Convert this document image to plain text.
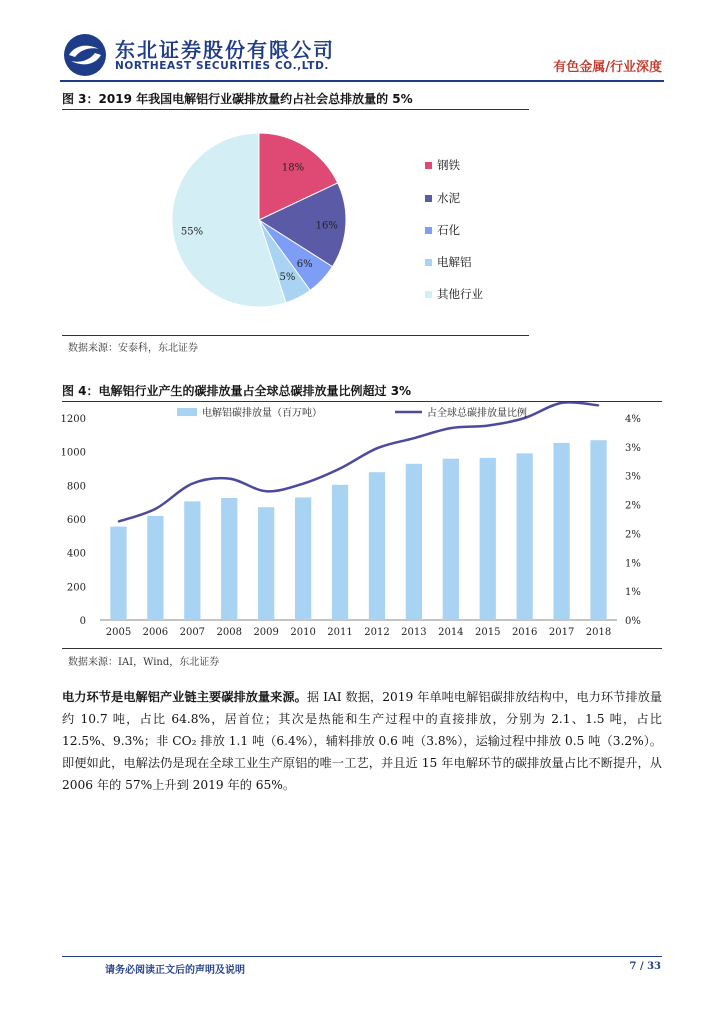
东北证券股份有限公司
NORTHEAST SECURITIES CO.,LTD.	有色金属/行业深度
图 3：2019 年我国电解铝行业碳排放量约占社会总排放量的 5%
18%
16%
6%
5%
55%
钢铁
水泥
石化
电解铝
其他行业
数据来源：安泰科，东北证券
图 4：电解铝行业产生的碳排放量占全球总碳排放量比例超过 3%
0
200
400
600
800
1000
1200
0%
1%
1%
2%
2%
3%
3%
4%
2005 2006 2007 2008 2009 2010 2011 2012 2013 2014 2015 2016 2017 2018
电解铝碳排放量（百万吨）	占全球总碳排放量比例
数据来源：IAI，Wind，东北证券
电力环节是电解铝产业链主要碳排放量来源。据 IAI 数据，2019 年单吨电解铝碳排放结构中，电力环节排放量约 10.7 吨，占比 64.8%，居首位；其次是热能和生产过程中的直接排放，分别为 2.1、1.5 吨，占比 12.5%、9.3%；非 CO₂ 排放 1.1 吨（6.4%），辅料排放 0.6 吨（3.8%），运输过程中排放 0.5 吨（3.2%）。即便如此，电解法仍是现在全球工业生产原铝的唯一工艺，并且近 15 年电解环节的碳排放量占比不断提升，从 2006 年的 57%上升到 2019 年的 65%。
请务必阅读正文后的声明及说明	7 / 33
